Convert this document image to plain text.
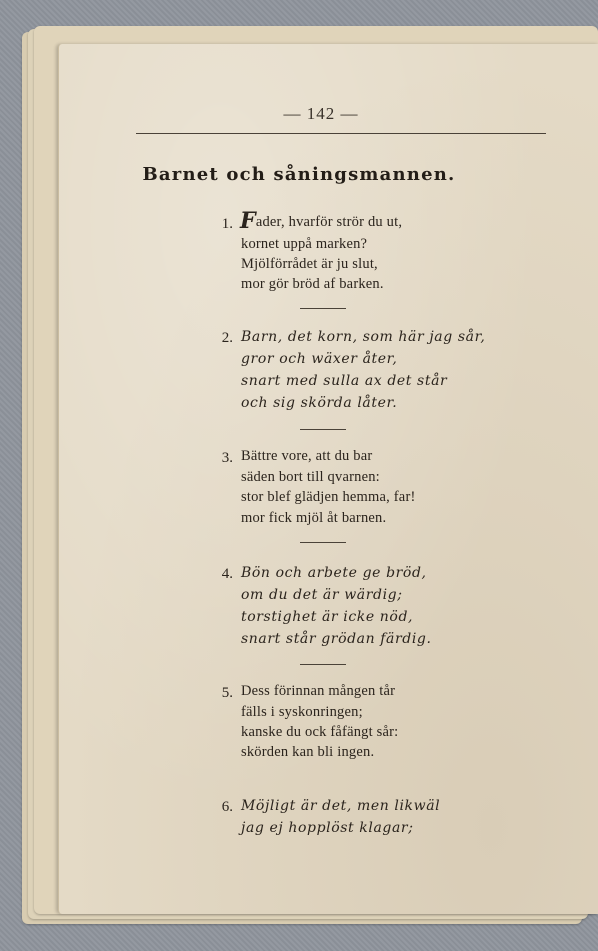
— 142 —
Barnet och såningsmannen.
1. Fader, hvarför strör du ut,
kornet uppå marken?
Mjölförrådet är ju slut,
mor gör bröd af barken.
2. Barn, det korn, som här jag sår,
gror och wäxer åter,
snart med sulla ax det står
och sig skörda låter.
3. Bättre vore, att du bar
säden bort till qvarnen:
stor blef glädjen hemma, far!
mor fick mjöl åt barnen.
4. Bön och arbete ge bröd,
om du det är wärdig;
torstighet är icke nöd,
snart står grödan färdig.
5. Dess förinnan mången tår
fälls i syskonringen;
kanske du ock fåfängt sår:
skörden kan bli ingen.
6. Möjligt är det, men likwäl
jag ej hopplöst klagar;
